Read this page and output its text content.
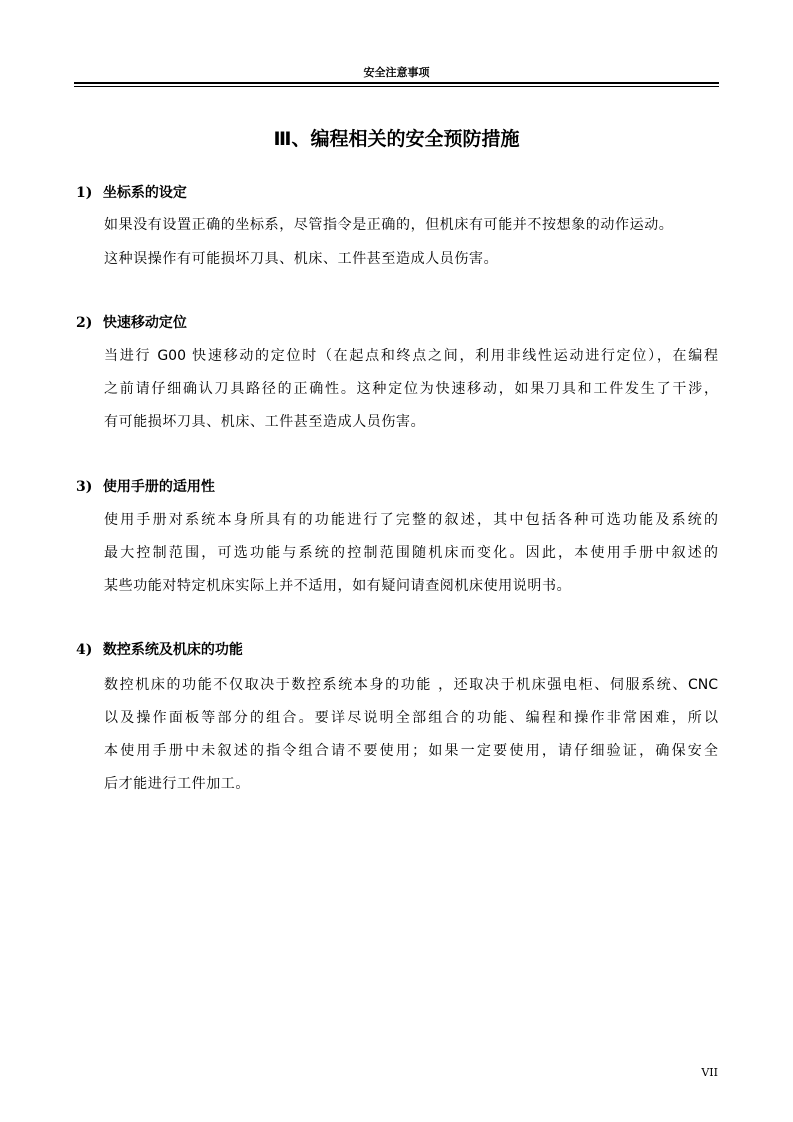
安全注意事项
Ⅲ、编程相关的安全预防措施
1) 坐标系的设定
如果没有设置正确的坐标系，尽管指令是正确的，但机床有可能并不按想象的动作运动。
这种误操作有可能损坏刀具、机床、工件甚至造成人员伤害。
2) 快速移动定位
当进行 G00 快速移动的定位时（在起点和终点之间，利用非线性运动进行定位），在编程
之前请仔细确认刀具路径的正确性。这种定位为快速移动，如果刀具和工件发生了干涉，
有可能损坏刀具、机床、工件甚至造成人员伤害。
3) 使用手册的适用性
使用手册对系统本身所具有的功能进行了完整的叙述，其中包括各种可选功能及系统的
最大控制范围，可选功能与系统的控制范围随机床而变化。因此，本使用手册中叙述的
某些功能对特定机床实际上并不适用，如有疑问请查阅机床使用说明书。
4) 数控系统及机床的功能
数控机床的功能不仅取决于数控系统本身的功能 ，还取决于机床强电柜、伺服系统、CNC
以及操作面板等部分的组合。要详尽说明全部组合的功能、编程和操作非常困难，所以
本使用手册中未叙述的指令组合请不要使用；如果一定要使用，请仔细验证，确保安全
后才能进行工件加工。
VII
